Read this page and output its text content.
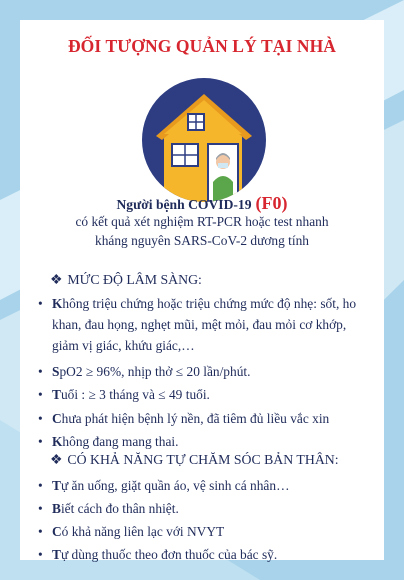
ĐỐI TƯỢNG QUẢN LÝ TẠI NHÀ
Người bệnh COVID-19 (F0)
có kết quả xét nghiệm RT-PCR hoặc test nhanh
kháng nguyên SARS-CoV-2 dương tính
❖ MỨC ĐỘ LÂM SÀNG:
• Không triệu chứng hoặc triệu chứng mức độ nhẹ: sốt, ho khan, đau họng, nghẹt mũi, mệt mỏi, đau mỏi cơ khớp, giảm vị giác, khứu giác,…
• SpO2 ≥ 96%, nhịp thở ≤ 20 lần/phút.
• Tuổi : ≥ 3 tháng và ≤ 49 tuổi.
• Chưa phát hiện bệnh lý nền, đã tiêm đủ liều vắc xin
• Không đang mang thai.
❖ CÓ KHẢ NĂNG TỰ CHĂM SÓC BẢN THÂN:
• Tự ăn uống, giặt quần áo, vệ sinh cá nhân…
• Biết cách đo thân nhiệt.
• Có khả năng liên lạc với NVYT
• Tự dùng thuốc theo đơn thuốc của bác sỹ.
